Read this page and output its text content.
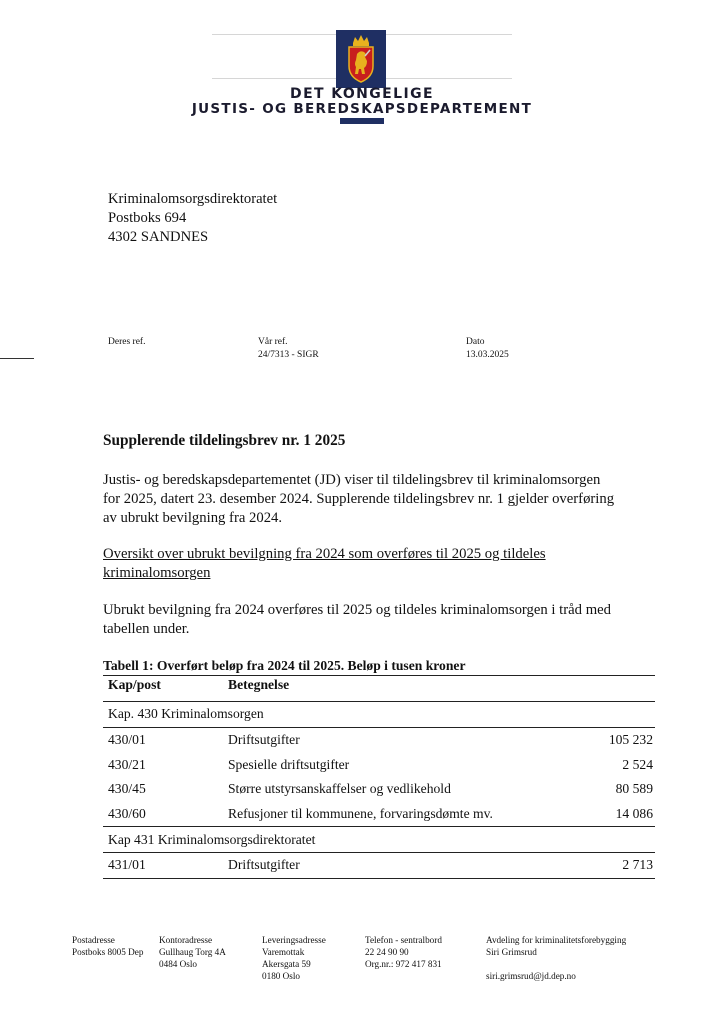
DET KONGELIGE
JUSTIS- OG BEREDSKAPSDEPARTEMENT
Kriminalomsorgsdirektoratet
Postboks 694
4302 SANDNES
Deres ref.	Vår ref.
24/7313 - SIGR
Dato
13.03.2025
Supplerende tildelingsbrev nr. 1 2025
Justis- og beredskapsdepartementet (JD) viser til tildelingsbrev til kriminalomsorgen
for 2025, datert 23. desember 2024. Supplerende tildelingsbrev nr. 1 gjelder overføring
av ubrukt bevilgning fra 2024.
Oversikt over ubrukt bevilgning fra 2024 som overføres til 2025 og tildeles
kriminalomsorgen
Ubrukt bevilgning fra 2024 overføres til 2025 og tildeles kriminalomsorgen i tråd med
tabellen under.
Tabell 1: Overført beløp fra 2024 til 2025. Beløp i tusen kroner
Kap/post	Betegnelse	
Kap. 430 Kriminalomsorgen		
430/01	Driftsutgifter	105 232
430/21	Spesielle driftsutgifter	2 524
430/45	Større utstyrsanskaffelser og vedlikehold	80 589
430/60	Refusjoner til kommunene, forvaringsdømte mv.	14 086
Kap 431 Kriminalomsorgsdirektoratet		
431/01	Driftsutgifter	2 713
Postadresse
Postboks 8005 Dep
Kontoradresse
Gullhaug Torg 4A
0484 Oslo
Leveringsadresse
Varemottak
Akersgata 59
0180 Oslo
Telefon - sentralbord
22 24 90 90
Org.nr.: 972 417 831
Avdeling for kriminalitetsforebygging
Siri Grimsrud
siri.grimsrud@jd.dep.no
